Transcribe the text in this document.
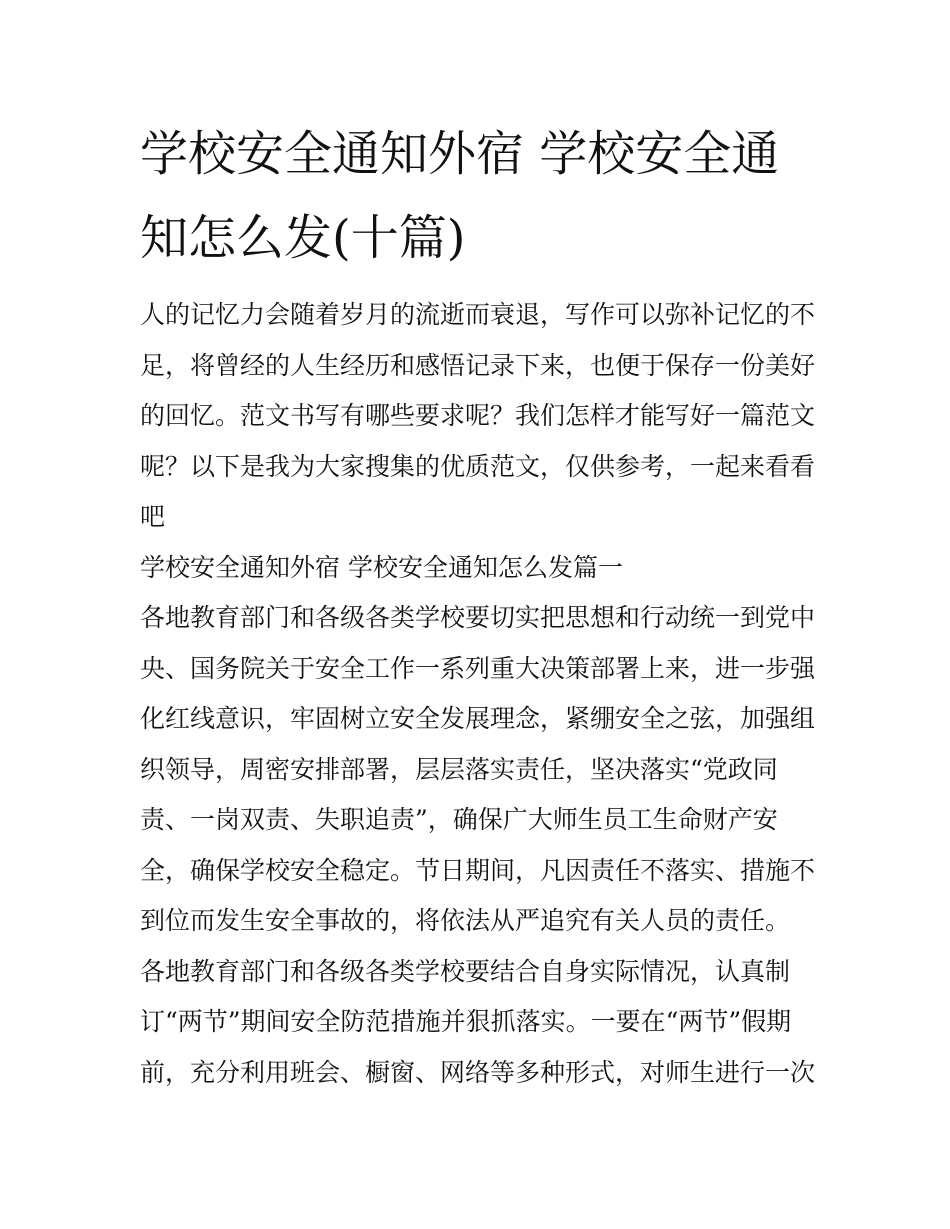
学校安全通知外宿 学校安全通
知怎么发(十篇)
人的记忆力会随着岁月的流逝而衰退，写作可以弥补记忆的不
足，将曾经的人生经历和感悟记录下来，也便于保存一份美好
的回忆。范文书写有哪些要求呢？我们怎样才能写好一篇范文
呢？以下是我为大家搜集的优质范文，仅供参考，一起来看看
吧
学校安全通知外宿 学校安全通知怎么发篇一
各地教育部门和各级各类学校要切实把思想和行动统一到党中
央、国务院关于安全工作一系列重大决策部署上来，进一步强
化红线意识，牢固树立安全发展理念，紧绷安全之弦，加强组
织领导，周密安排部署，层层落实责任，坚决落实“党政同
责、一岗双责、失职追责”，确保广大师生员工生命财产安
全，确保学校安全稳定。节日期间，凡因责任不落实、措施不
到位而发生安全事故的，将依法从严追究有关人员的责任。
各地教育部门和各级各类学校要结合自身实际情况，认真制
订“两节”期间安全防范措施并狠抓落实。一要在“两节”假期
前，充分利用班会、橱窗、网络等多种形式，对师生进行一次
